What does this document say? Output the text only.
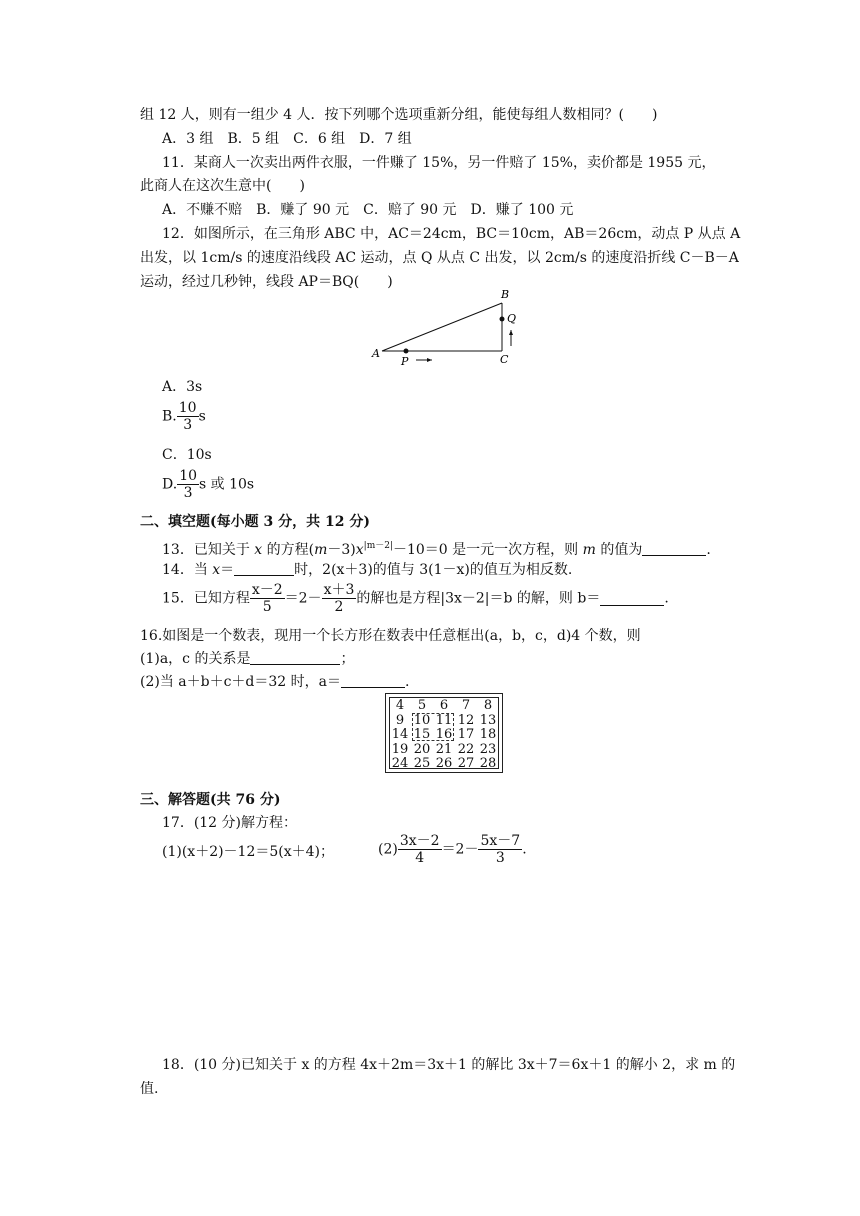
组 12 人，则有一组少 4 人．按下列哪个选项重新分组，能使每组人数相同？(　　)
A．3 组　B．5 组　C．6 组　D．7 组
11．某商人一次卖出两件衣服，一件赚了 15%，另一件赔了 15%，卖价都是 1955 元，
此商人在这次生意中(　　)
A．不赚不赔　B．赚了 90 元　C．赔了 90 元　D．赚了 100 元
12．如图所示，在三角形 ABC 中，AC＝24cm，BC＝10cm，AB＝26cm，动点 P 从点 A
出发，以 1cm/s 的速度沿线段 AC 运动，点 Q 从点 C 出发，以 2cm/s 的速度沿折线 C－B－A
运动，经过几秒钟，线段 AP＝BQ(　　)
A
B
C
P
Q
A．3s
B. $\frac{10}{3}$ s
C．10s
D. $\frac{10}{3}$ s 或 10s
二、填空题(每小题 3 分，共 12 分)
13．已知关于 x 的方程$(m-3)x^{|m-2|}-10=0$ 是一元一次方程，则 m 的值为	.
14．当 x＝	时，2(x＋3)的值与 3(1－x)的值互为相反数.
15．已知方程 $\frac{x-2}{5} =2- \frac{x+3}{2}$ 的解也是方程|3x－2|＝b 的解，则 b＝	.
16.如图是一个数表，现用一个长方形在数表中任意框出(a，b，c，d)4 个数，则
(1)a，c 的关系是	；
(2)当 a＋b＋c＋d＝32 时，a＝	.
4	5	6	7	8
9 10 11 12 13
14 15 16 17 18
19 20 21 22 23
24 25 26 27 28
三、解答题(共 76 分)
17．(12 分)解方程：
(1)(x＋2)－12＝5(x＋4)；	$(2) \frac{3x-2}{4} =2- \frac{5x-7}{3}$ .
18．(10 分)已知关于 x 的方程 4x＋2m＝3x＋1 的解比 3x＋7＝6x＋1 的解小 2，求 m 的
值.
